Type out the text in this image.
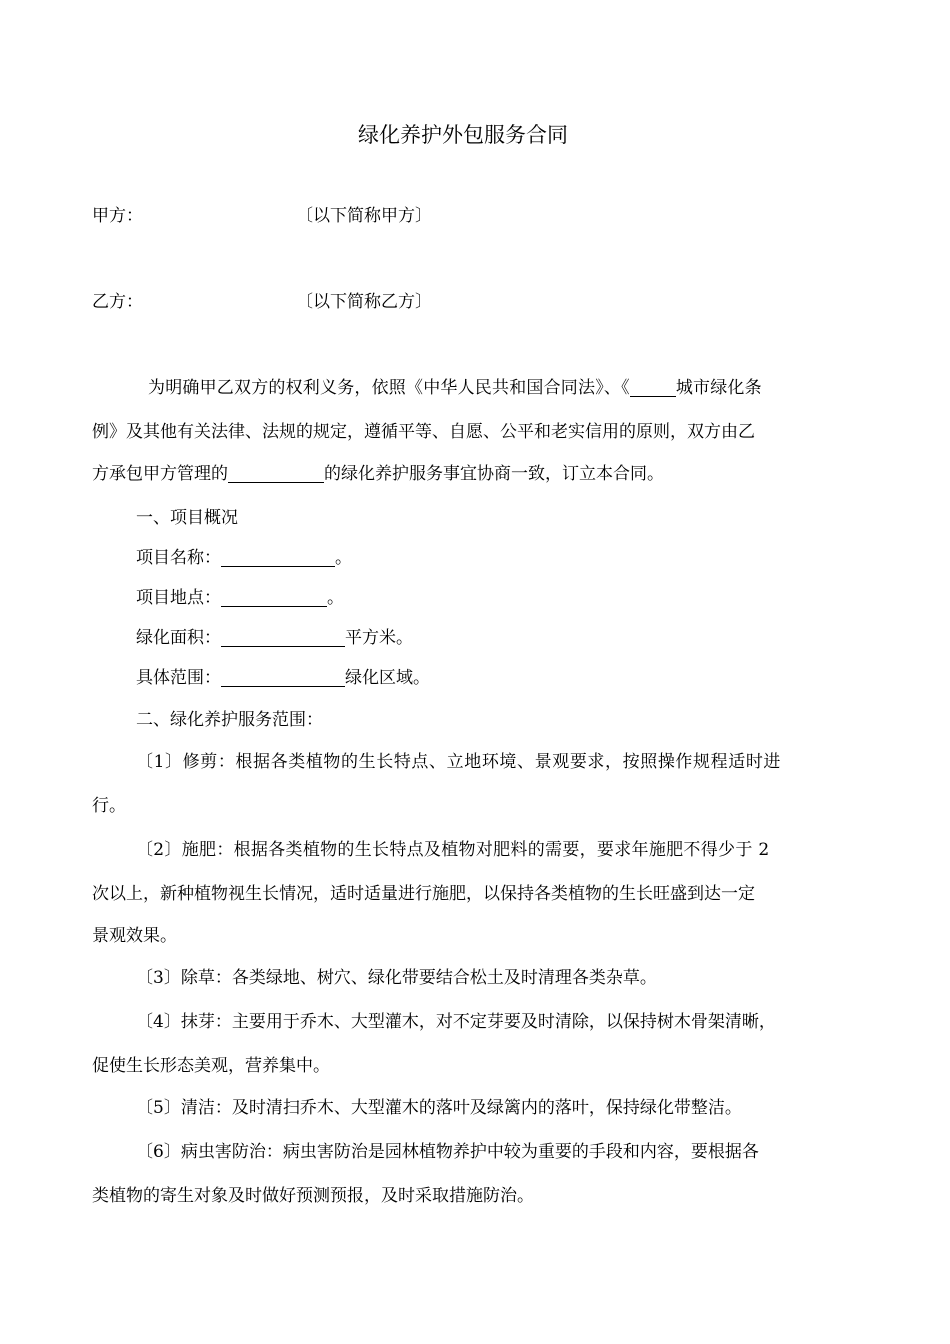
绿化养护外包服务合同
甲方：	〔以下简称甲方〕
乙方：	〔以下简称乙方〕
为明确甲乙双方的权利义务，依照《中华人民共和国合同法》、《	城市绿化条
例》及其他有关法律、法规的规定，遵循平等、自愿、公平和老实信用的原则，双方由乙
方承包甲方管理的	的绿化养护服务事宜协商一致，订立本合同。
一、项目概况
项目名称：	。
项目地点：	。
绿化面积：	平方米。
具体范围：	绿化区域。
二、绿化养护服务范围：
〔1〕修剪：根据各类植物的生长特点、立地环境、景观要求，按照操作规程适时进
行。
〔2〕施肥：根据各类植物的生长特点及植物对肥料的需要，要求年施肥不得少于 2
次以上，新种植物视生长情况，适时适量进行施肥，以保持各类植物的生长旺盛到达一定
景观效果。
〔3〕除草：各类绿地、树穴、绿化带要结合松土及时清理各类杂草。
〔4〕抹芽：主要用于乔木、大型灌木，对不定芽要及时清除，以保持树木骨架清晰，
促使生长形态美观，营养集中。
〔5〕清洁：及时清扫乔木、大型灌木的落叶及绿篱内的落叶，保持绿化带整洁。
〔6〕病虫害防治：病虫害防治是园林植物养护中较为重要的手段和内容，要根据各
类植物的寄生对象及时做好预测预报，及时采取措施防治。
